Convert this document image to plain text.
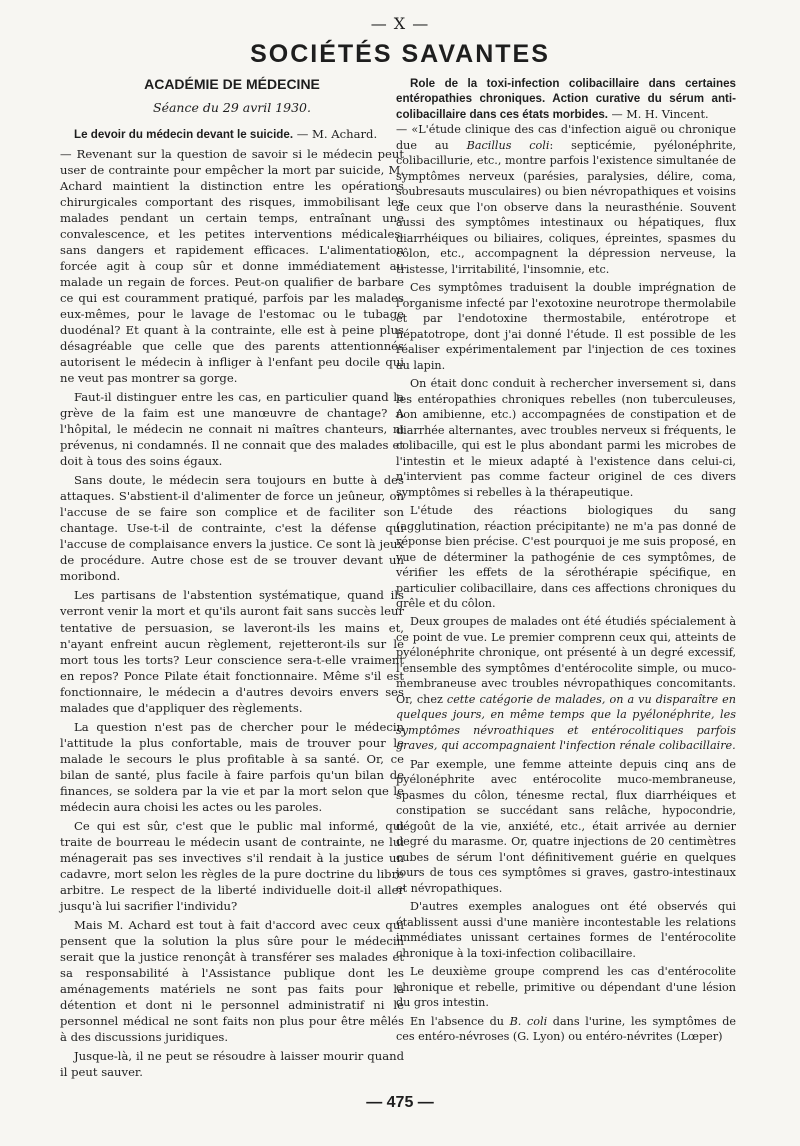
— X —
SOCIÉTÉS SAVANTES
ACADÉMIE DE MÉDECINE
Séance du 29 avril 1930.

Le devoir du médecin devant le suicide. — M. Achard.

— Revenant sur la question de savoir si le médecin peut user de contrainte pour empêcher la mort par suicide, M. Achard maintient la distinction entre les opérations chirurgicales comportant des risques, immobilisant les malades pendant un certain temps, entraînant une convalescence, et les petites interventions médicales, sans dangers et rapidement efficaces. L'alimentation forcée agit à coup sûr et donne immédiatement au malade un regain de forces. Peut-on qualifier de barbare ce qui est couramment pratiqué, parfois par les malades eux-mêmes, pour le lavage de l'estomac ou le tubage duodénal? Et quant à la contrainte, elle est à peine plus désagréable que celle que des parents attentionnés autorisent le médecin à infliger à l'enfant peu docile qui ne veut pas montrer sa gorge.

Faut-il distinguer entre les cas, en particulier quand la grève de la faim est une manœuvre de chantage? A l'hôpital, le médecin ne connait ni maîtres chanteurs, ni prévenus, ni condamnés. Il ne connait que des malades et doit à tous des soins égaux.

Sans doute, le médecin sera toujours en butte à des attaques. S'abstient-il d'alimenter de force un jeûneur, on l'accuse de se faire son complice et de faciliter son chantage. Use-t-il de contrainte, c'est la défense qui l'accuse de complaisance envers la justice. Ce sont là jeux de procédure. Autre chose est de se trouver devant un moribond.

Les partisans de l'abstention systématique, quand ils verront venir la mort et qu'ils auront fait sans succès leur tentative de persuasion, se laveront-ils les mains et, n'ayant enfreint aucun règlement, rejetteront-ils sur le mort tous les torts? Leur conscience sera-t-elle vraiment en repos? Ponce Pilate était fonctionnaire. Même s'il est fonctionnaire, le médecin a d'autres devoirs envers ses malades que d'appliquer des règlements.

La question n'est pas de chercher pour le médecin l'attitude la plus confortable, mais de trouver pour le malade le secours le plus profitable à sa santé. Or, ce bilan de santé, plus facile à faire parfois qu'un bilan de finances, se soldera par la vie et par la mort selon que le médecin aura choisi les actes ou les paroles.

Ce qui est sûr, c'est que le public mal informé, qui traite de bourreau le médecin usant de contrainte, ne lui ménagerait pas ses invectives s'il rendait à la justice un cadavre, mort selon les règles de la pure doctrine du libre arbitre. Le respect de la liberté individuelle doit-il aller jusqu'à lui sacrifier l'individu?

Mais M. Achard est tout à fait d'accord avec ceux qui pensent que la solution la plus sûre pour le médecin serait que la justice renonçât à transférer ses malades et sa responsabilité à l'Assistance publique dont les aménagements matériels ne sont pas faits pour la détention et dont ni le personnel administratif ni le personnel médical ne sont faits non plus pour être mêlés à des discussions juridiques.

Jusque-là, il ne peut se résoudre à laisser mourir quand il peut sauver.

Role de la toxi-infection colibacillaire dans certaines entéropathies chroniques. Action curative du sérum anti-colibacillaire dans ces états morbides. — M. H. Vincent.

— «L'étude clinique des cas d'infection aiguë ou chronique due au Bacillus coli: septicémie, pyélonéphrite, colibacillurie, etc., montre parfois l'existence simultanée de symptômes nerveux (parésies, paralysies, délire, coma, soubresauts musculaires) ou bien névropathiques et voisins de ceux que l'on observe dans la neurasthénie. Souvent aussi des symptômes intestinaux ou hépatiques, flux diarrhéiques ou biliaires, coliques, épreintes, spasmes du côlon, etc., accompagnent la dépression nerveuse, la tristesse, l'irritabilité, l'insomnie, etc.

Ces symptômes traduisent la double imprégnation de l'organisme infecté par l'exotoxine neurotrope thermolabile et par l'endotoxine thermostabile, entérotrope et hépatotrope, dont j'ai donné l'étude. Il est possible de les réaliser expérimentalement par l'injection de ces toxines au lapin.

On était donc conduit à rechercher inversement si, dans les entéropathies chroniques rebelles (non tuberculeuses, non amibienne, etc.) accompagnées de constipation et de diarrhée alternantes, avec troubles nerveux si fréquents, le colibacille, qui est le plus abondant parmi les microbes de l'intestin et le mieux adapté à l'existence dans celui-ci, n'intervient pas comme facteur originel de ces divers symptômes si rebelles à la thérapeutique.

L'étude des réactions biologiques du sang (agglutination, réaction précipitante) ne m'a pas donné de réponse bien précise. C'est pourquoi je me suis proposé, en vue de déterminer la pathogénie de ces symptômes, de vérifier les effets de la sérothérapie spécifique, en particulier colibacillaire, dans ces affections chroniques du grêle et du côlon.

Deux groupes de malades ont été étudiés spécialement à ce point de vue. Le premier comprenn ceux qui, atteints de pyélonéphrite chronique, ont présenté à un degré excessif, l'ensemble des symptômes d'entérocolite simple, ou muco-membraneuse avec troubles névropathiques concomitants. Or, chez cette catégorie de malades, on a vu disparaître en quelques jours, en même temps que la pyélonéphrite, les symptômes névroathiques et entérocolitiques parfois graves, qui accompagnaient l'infection rénale colibacillaire.

Par exemple, une femme atteinte depuis cinq ans de pyélonéphrite avec entérocolite muco-membraneuse, spasmes du côlon, ténesme rectal, flux diarrhéiques et constipation se succédant sans relâche, hypocondrie, dégoût de la vie, anxiété, etc., était arrivée au dernier degré du marasme. Or, quatre injections de 20 centimètres cubes de sérum l'ont définitivement guérie en quelques jours de tous ces symptômes si graves, gastro-intestinaux et névropathiques.

D'autres exemples analogues ont été observés qui établissent aussi d'une manière incontestable les relations immédiates unissant certaines formes de l'entérocolite chronique à la toxi-infection colibacillaire.

Le deuxième groupe comprend les cas d'entérocolite chronique et rebelle, primitive ou dépendant d'une lésion du gros intestin.

En l'absence du B. coli dans l'urine, les symptômes de ces entéro-névroses (G. Lyon) ou entéro-névrites (Lœper)

— 475 —
